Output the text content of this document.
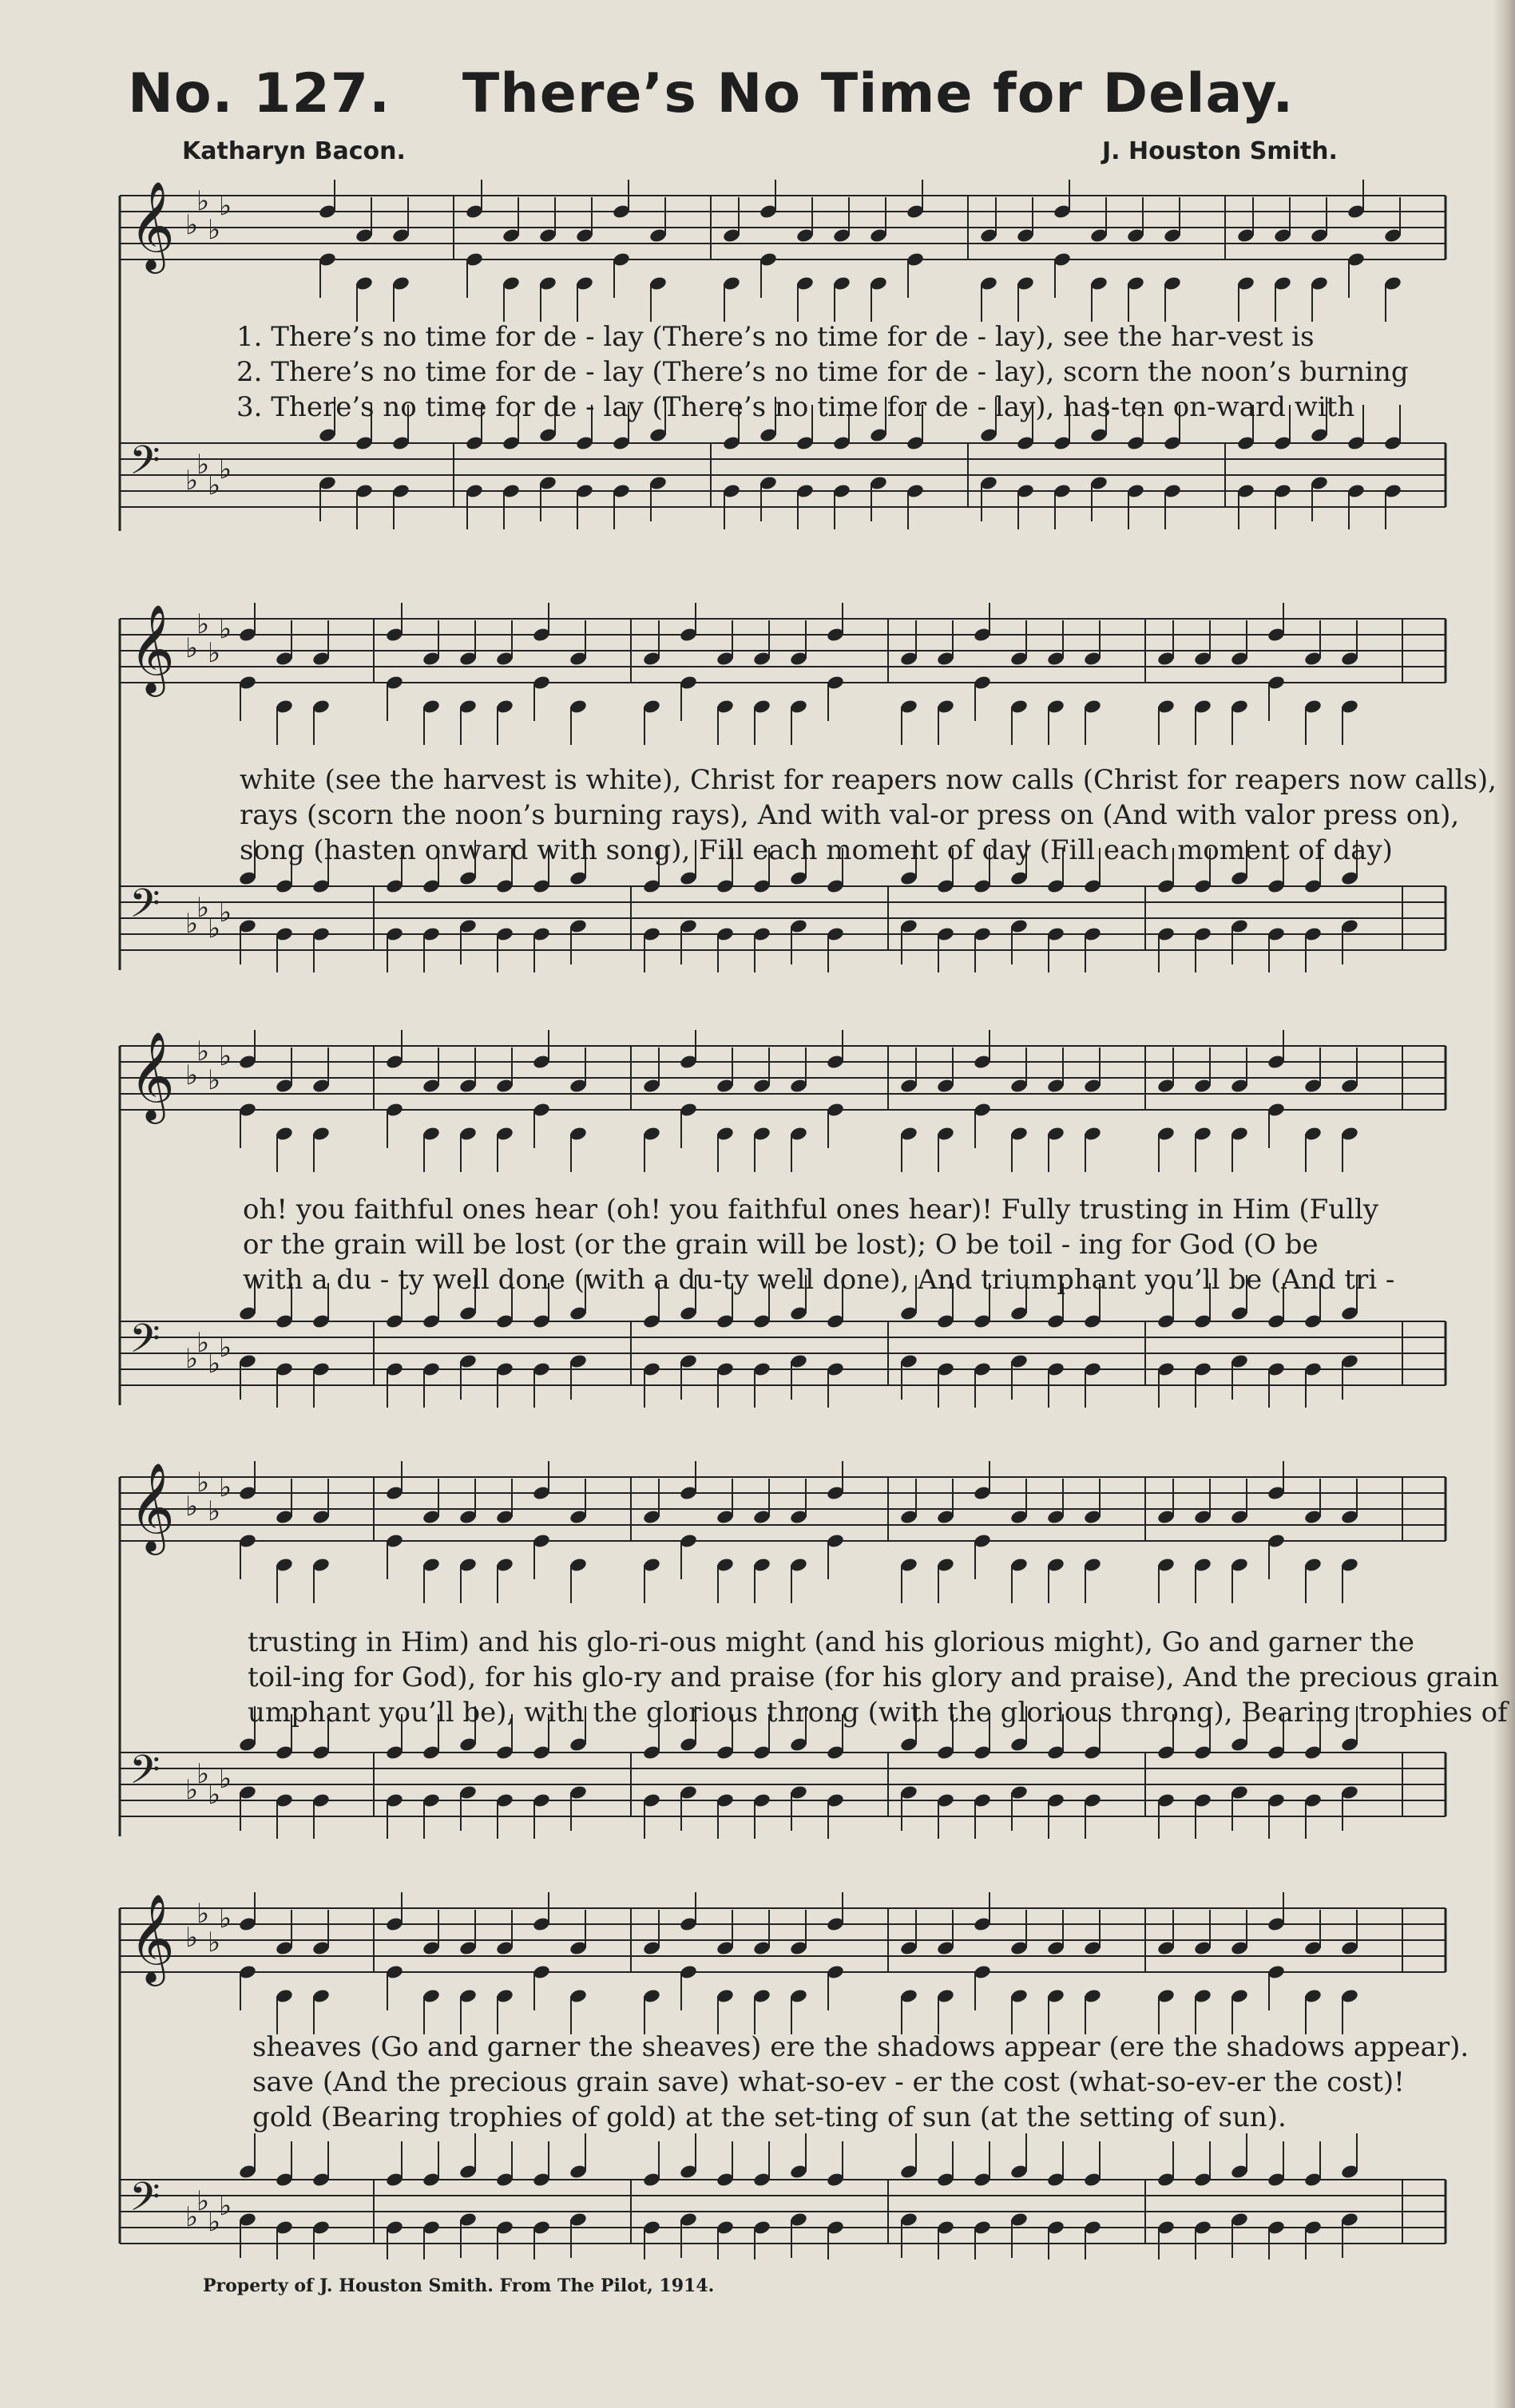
No. 127. There’s No Time for Delay.
Katharyn Bacon.	J. Houston Smith.
𝄞 ♭
♭
♭
♭
𝄢 ♭
♭
♭
♭
1. There’s no time for de - lay (There’s no time for de - lay), see the har-vest is
2. There’s no time for de - lay (There’s no time for de - lay), scorn the noon’s burning
3. There’s no time for de - lay (There’s no time for de - lay), has-ten on-ward with
𝄞 ♭
♭
♭
♭
𝄢 ♭
♭
♭
♭
white (see the harvest is white), Christ for reapers now calls (Christ for reapers now calls),
rays (scorn the noon’s burning rays), And with val-or press on (And with valor press on),
song (hasten onward with song), Fill each moment of day (Fill each moment of day)
𝄞 ♭
♭
♭
♭
𝄢 ♭
♭
♭
♭
oh! you faithful ones hear (oh! you faithful ones hear)! Fully trusting in Him (Fully
or the grain will be lost (or the grain will be lost); O be toil - ing for God (O be
with a du - ty well done (with a du-ty well done), And triumphant you’ll be (And tri -
𝄞 ♭
♭
♭
♭
𝄢 ♭
♭
♭
♭
trusting in Him) and his glo-ri-ous might (and his glorious might), Go and garner the
toil-ing for God), for his glo-ry and praise (for his glory and praise), And the precious grain
umphant you’ll be), with the glorious throng (with the glorious throng), Bearing trophies of
𝄞 ♭
♭
♭
♭
𝄢 ♭
♭
♭
♭
sheaves (Go and garner the sheaves) ere the shadows appear (ere the shadows appear).
save (And the precious grain save) what-so-ev - er the cost (what-so-ev-er the cost)!
gold (Bearing trophies of gold) at the set-ting of sun (at the setting of sun).
Property of J. Houston Smith. From The Pilot, 1914.
